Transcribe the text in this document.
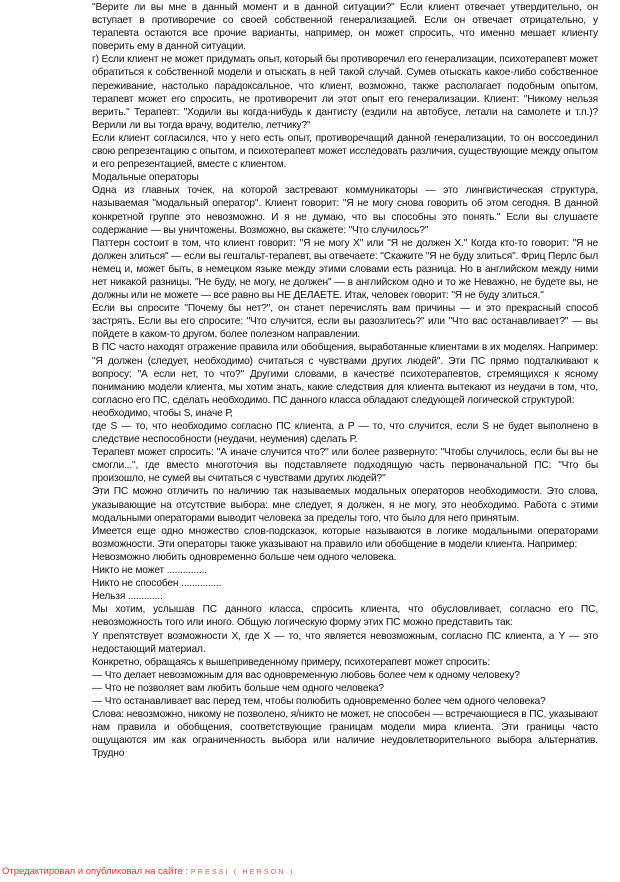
"Верите ли вы мне в данный момент и в данной ситуации?" Если клиент отвечает утвердительно, он вступает в противоречие со своей собственной генерализацией. Если он отвечает отрицательно, у терапевта остаются все прочие варианты, например, он может спросить, что именно мешает клиенту поверить ему в данной ситуации.

г) Если клиент не может придумать опыт, который бы противоречил его генерализации, психотерапевт может обратиться к собственной модели и отыскать в ней такой случай. Сумев отыскать какое-либо собственное переживание, настолько парадоксальное, что клиент, возможно, также располагает подобным опытом, терапевт может его спросить, не противоречит ли этот опыт его генерализации. Клиент: "Никому нельзя верить." Терапевт: "Ходили вы когда-нибудь к дантисту (ездили на автобусе, летали на самолете и т.п.)? Верили ли вы тогда врачу, водителю, летчику?"

Если клиент согласился, что у него есть опыт, противоречащий данной генерализации, то он воссоединил свою репрезентацию с опытом, и психотерапевт может исследовать различия, существующие между опытом и его репрезентацией, вместе с клиентом.

Модальные операторы

Одна из главных точек, на которой застревают коммуникаторы — это лингвистическая структура, называемая "модальный оператор". Клиент говорит: "Я не могу снова говорить об этом сегодня. В данной конкретной группе это невозможно. И я не думаю, что вы способны это понять." Если вы слушаете содержание — вы уничтожены. Возможно, вы скажете: "Что случилось?"

Паттерн состоит в том, что клиент говорит: "Я не могу X" или "Я не должен X." Когда кто-то говорит: "Я не должен злиться" — если вы гештальт-терапевт, вы отвечаете: "Скажите "Я не буду злиться". Фриц Перлс был немец и, может быть, в немецком языке между этими словами есть разница. Но в английском между ними нет никакой разницы. "Не буду, не могу, не должен" — в английском одно и то же Неважно, не будете вы, не должны или не можете — все равно вы НЕ ДЕЛАЕТЕ. Итак, человек говорит: "Я не буду злиться."

Если вы спросите "Почему бы нет?", он станет перечислять вам причины — и это прекрасный способ застрять. Если вы его спросите: "Что случится, если вы разозлитесь?" или "Что вас останавливает?" — вы пойдете в каком-то другом, более полезном направлении.

В ПС часто находят отражение правила или обобщения, выработанные клиентами в их моделях. Например: "Я должен (следует, необходимо) считаться с чувствами других людей". Эти ПС прямо подталкивают к вопросу: "А если нет, то что?" Другими словами, в качестве психотерапевтов, стремящихся к ясному пониманию модели клиента, мы хотим знать, какие следствия для клиента вытекают из неудачи в том, что, согласно его ПС, сделать необходимо. ПС данного класса обладают следующей логической структурой:

необходимо, чтобы S, иначе Р,

где S — то, что необходимо согласно ПС клиента, а Р — то, что случится, если S не будет выполнено в следствие неспособности (неудачи, неумения) сделать Р.

Терапевт может спросить: "А иначе случится что?" или более развернуто: "Чтобы случилось, если бы вы не смогли...", где вместо многоточия вы подставляете подходящую часть первоначальной ПС: "Что бы произошло, не сумей вы считаться с чувствами других людей?"

Эти ПС можно отличить по наличию так называемых модальных операторов необходимости. Это слова, указывающие на отсутствие выбора: мне следует, я должен, я не могу, это необходимо. Работа с этими модальными операторами выводит человека за пределы того, что было для него принятым.

Имеется еще одно множество слов-подсказок, которые называются в логике модальными операторами возможности. Эти операторы также указывают на правило или обобщение в модели клиента. Например:

Невозможно любить одновременно больше чем одного человека.

Никто не может ...............

Никто не способен ...............

Нельзя .............

Мы хотим, услышав ПС данного класса, спросить клиента, что обусловливает, согласно его ПС, невозможность того или иного. Общую логическую форму этих ПС можно представить так:

Y препятствует возможности X, где X — то, что является невозможным, согласно ПС клиента, а Y — это недостающий материал.

Конкретно, обращаясь к вышеприведенному примеру, психотерапевт может спросить:

— Что делает невозможным для вас одновременную любовь более чем к одному человеку?

— Что не позволяет вам любить больше чем одного человека?

— Что останавливает вас перед тем, чтобы полюбить одновременно более чем одного человека?

Слова: невозможно, никому не позволено, я/никто не может, не способен — встречающиеся в ПС, указывают нам правила и обобщения, соответствующие границам модели мира клиента. Эти границы часто ощущаются им как ограниченность выбора или наличие неудовлетворительного выбора альтернатив. Трудно

Отредактировал и опубликовал на сайте : PRESSI ( HERSON )
